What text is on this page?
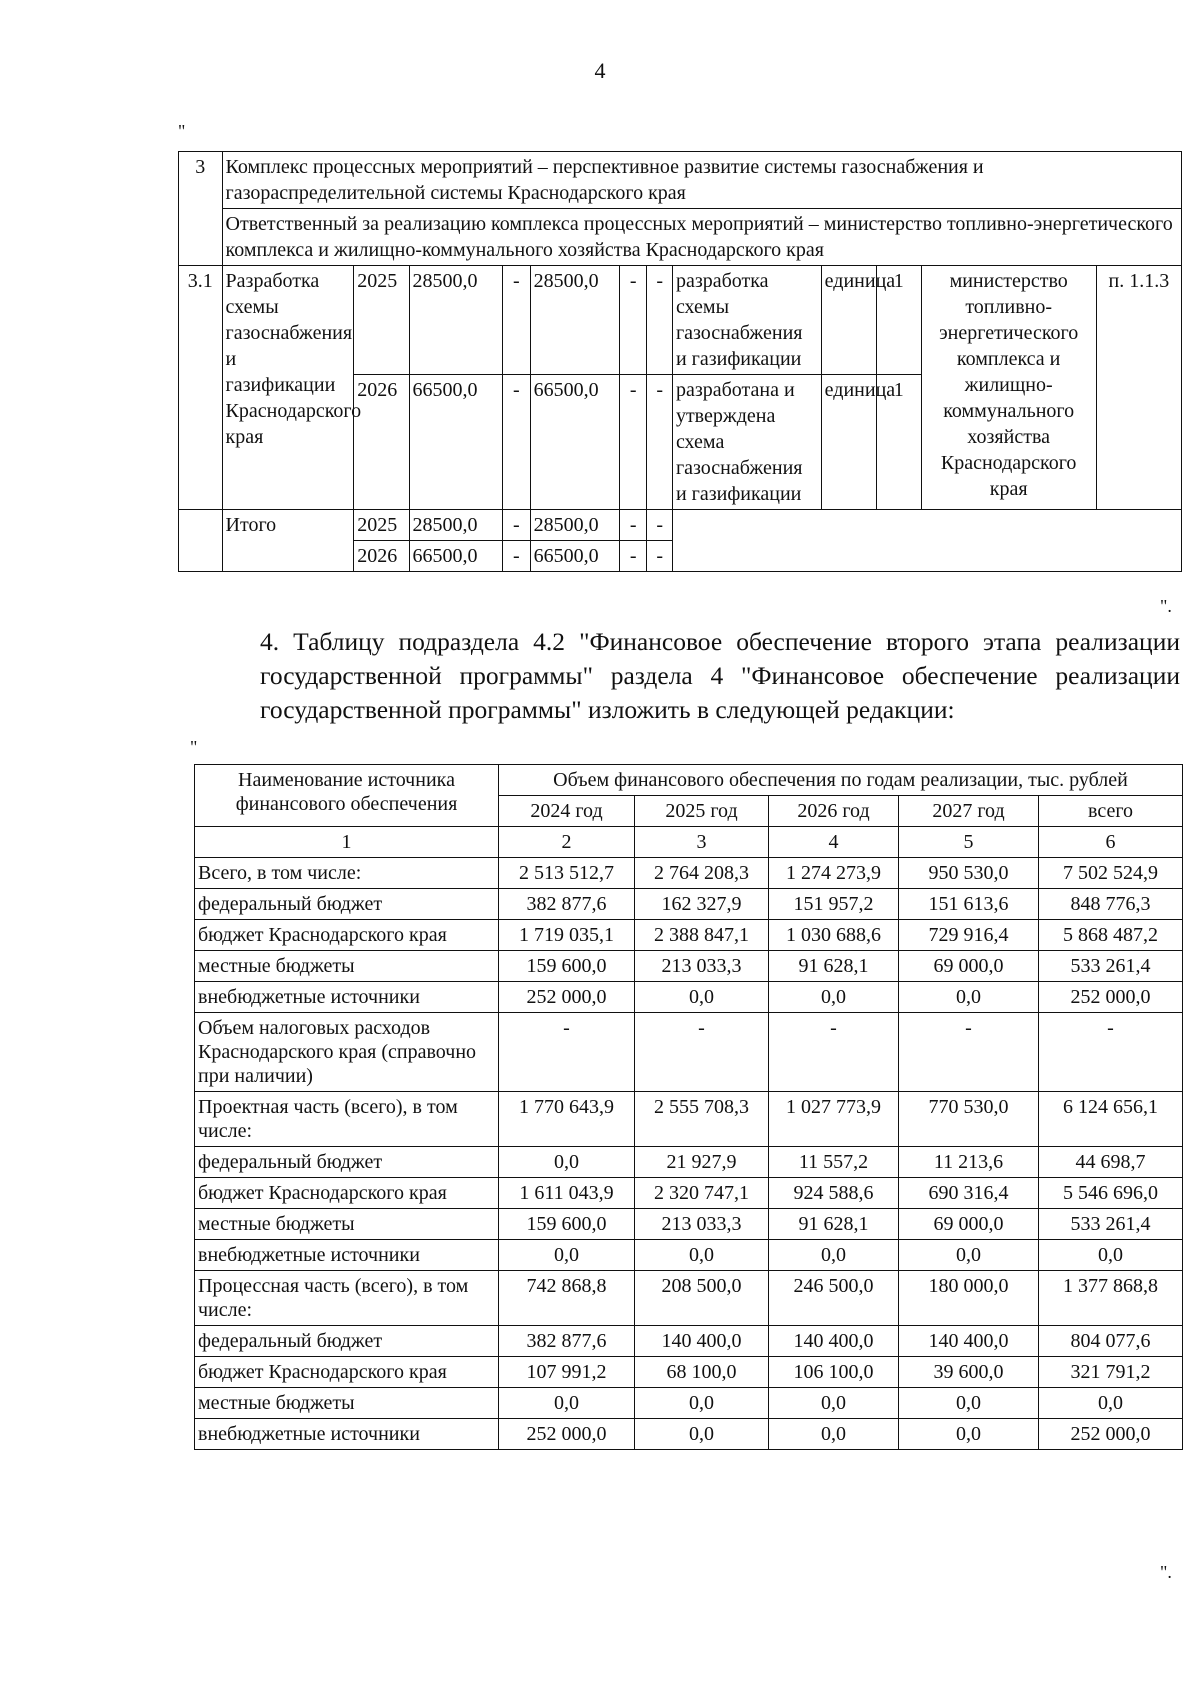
4
"
3	Комплекс процессных мероприятий – перспективное развитие системы газоснабжения и газораспределительной системы Краснодарского края											
	Ответственный за реализацию комплекса процессных мероприятий – министерство топливно-энергетического комплекса и жилищно-коммунального хозяйства Краснодарского края											
3.1	Разработка схемы газоснабжения и газификации Краснодарского края	2025	28500,0	-	28500,0	-	-	разработка схемы газоснабжения и газификации	единица	1	министерство топливно-энергетического комплекса и жилищно-коммунального хозяйства Краснодарского края	п. 1.1.3
		2026	66500,0	-	66500,0	-	-	разработана и утверждена схема газоснабжения и газификации	единица	1		
	Итого	2025	28500,0	-	28500,0	-	-					
		2026	66500,0	-	66500,0	-	-					
".
4. Таблицу подраздела 4.2 "Финансовое обеспечение второго этапа реализации государственной программы" раздела 4 "Финансовое обеспечение реализации государственной программы" изложить в следующей редакции:
"
Наименование источника финансового обеспечения	Объем финансового обеспечения по годам реализации, тыс. рублей				
	2024 год	2025 год	2026 год	2027 год	всего
1	2	3	4	5	6
Всего, в том числе:	2 513 512,7	2 764 208,3	1 274 273,9	950 530,0	7 502 524,9
федеральный бюджет	382 877,6	162 327,9	151 957,2	151 613,6	848 776,3
бюджет Краснодарского края	1 719 035,1	2 388 847,1	1 030 688,6	729 916,4	5 868 487,2
местные бюджеты	159 600,0	213 033,3	91 628,1	69 000,0	533 261,4
внебюджетные источники	252 000,0	0,0	0,0	0,0	252 000,0
Объем налоговых расходов Краснодарского края (справочно при наличии)	-	-	-	-	-
Проектная часть (всего), в том числе:	1 770 643,9	2 555 708,3	1 027 773,9	770 530,0	6 124 656,1
федеральный бюджет	0,0	21 927,9	11 557,2	11 213,6	44 698,7
бюджет Краснодарского края	1 611 043,9	2 320 747,1	924 588,6	690 316,4	5 546 696,0
местные бюджеты	159 600,0	213 033,3	91 628,1	69 000,0	533 261,4
внебюджетные источники	0,0	0,0	0,0	0,0	0,0
Процессная часть (всего), в том числе:	742 868,8	208 500,0	246 500,0	180 000,0	1 377 868,8
федеральный бюджет	382 877,6	140 400,0	140 400,0	140 400,0	804 077,6
бюджет Краснодарского края	107 991,2	68 100,0	106 100,0	39 600,0	321 791,2
местные бюджеты	0,0	0,0	0,0	0,0	0,0
внебюджетные источники	252 000,0	0,0	0,0	0,0	252 000,0
".
